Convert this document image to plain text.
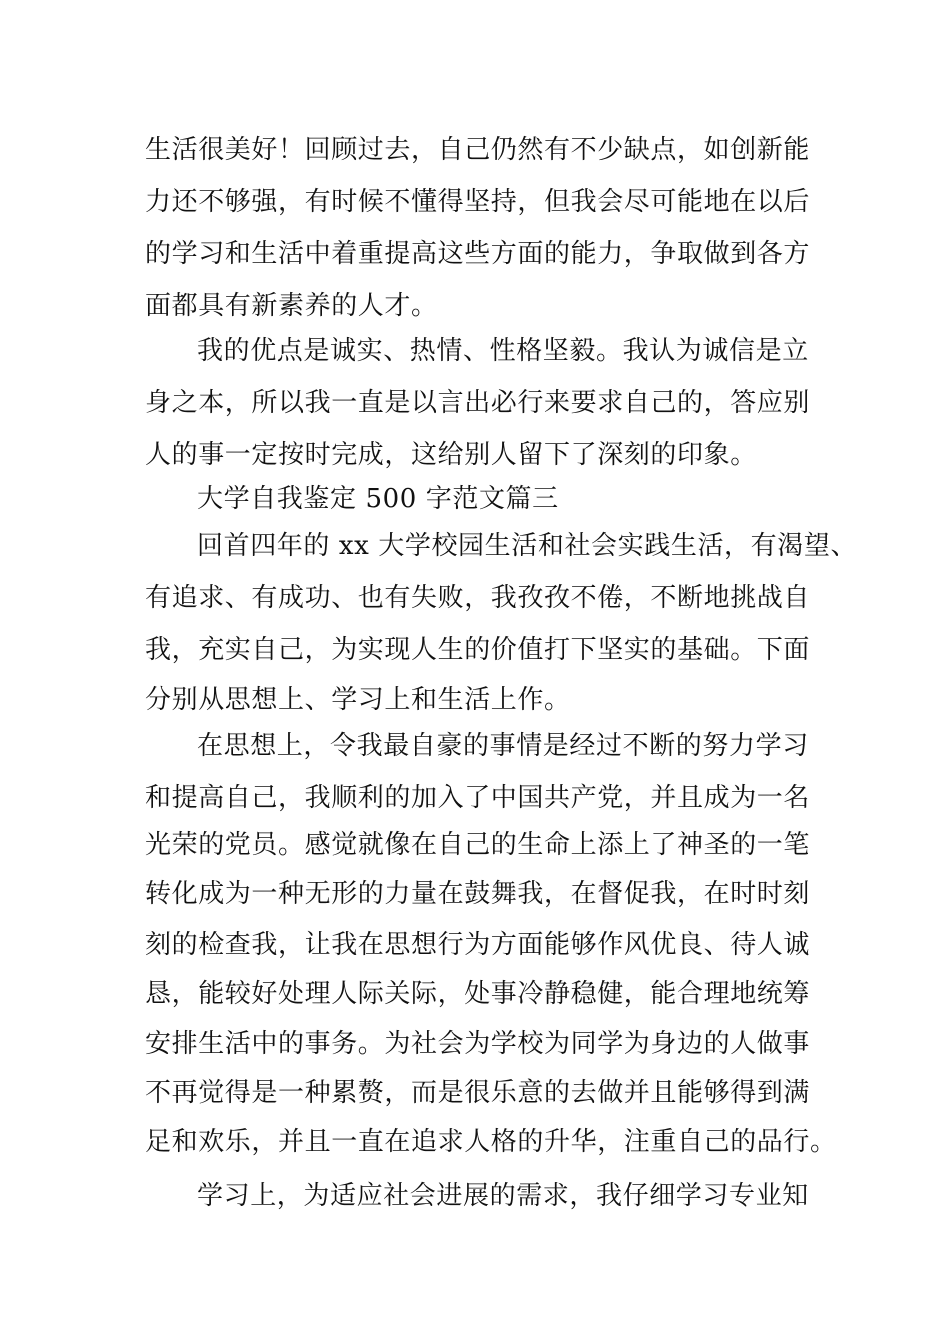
生活很美好！回顾过去，自己仍然有不少缺点，如创新能
力还不够强，有时候不懂得坚持，但我会尽可能地在以后
的学习和生活中着重提高这些方面的能力，争取做到各方
面都具有新素养的人才。
我的优点是诚实、热情、性格坚毅。我认为诚信是立
身之本，所以我一直是以言出必行来要求自己的，答应别
人的事一定按时完成，这给别人留下了深刻的印象。
大学自我鉴定 500 字范文篇三
回首四年的 xx 大学校园生活和社会实践生活，有渴望、
有追求、有成功、也有失败，我孜孜不倦，不断地挑战自
我，充实自己，为实现人生的价值打下坚实的基础。下面
分别从思想上、学习上和生活上作。
在思想上，令我最自豪的事情是经过不断的努力学习
和提高自己，我顺利的加入了中国共产党，并且成为一名
光荣的党员。感觉就像在自己的生命上添上了神圣的一笔
转化成为一种无形的力量在鼓舞我，在督促我，在时时刻
刻的检查我，让我在思想行为方面能够作风优良、待人诚
恳，能较好处理人际关际，处事冷静稳健，能合理地统筹
安排生活中的事务。为社会为学校为同学为身边的人做事
不再觉得是一种累赘，而是很乐意的去做并且能够得到满
足和欢乐，并且一直在追求人格的升华，注重自己的品行。
学习上，为适应社会进展的需求，我仔细学习专业知
